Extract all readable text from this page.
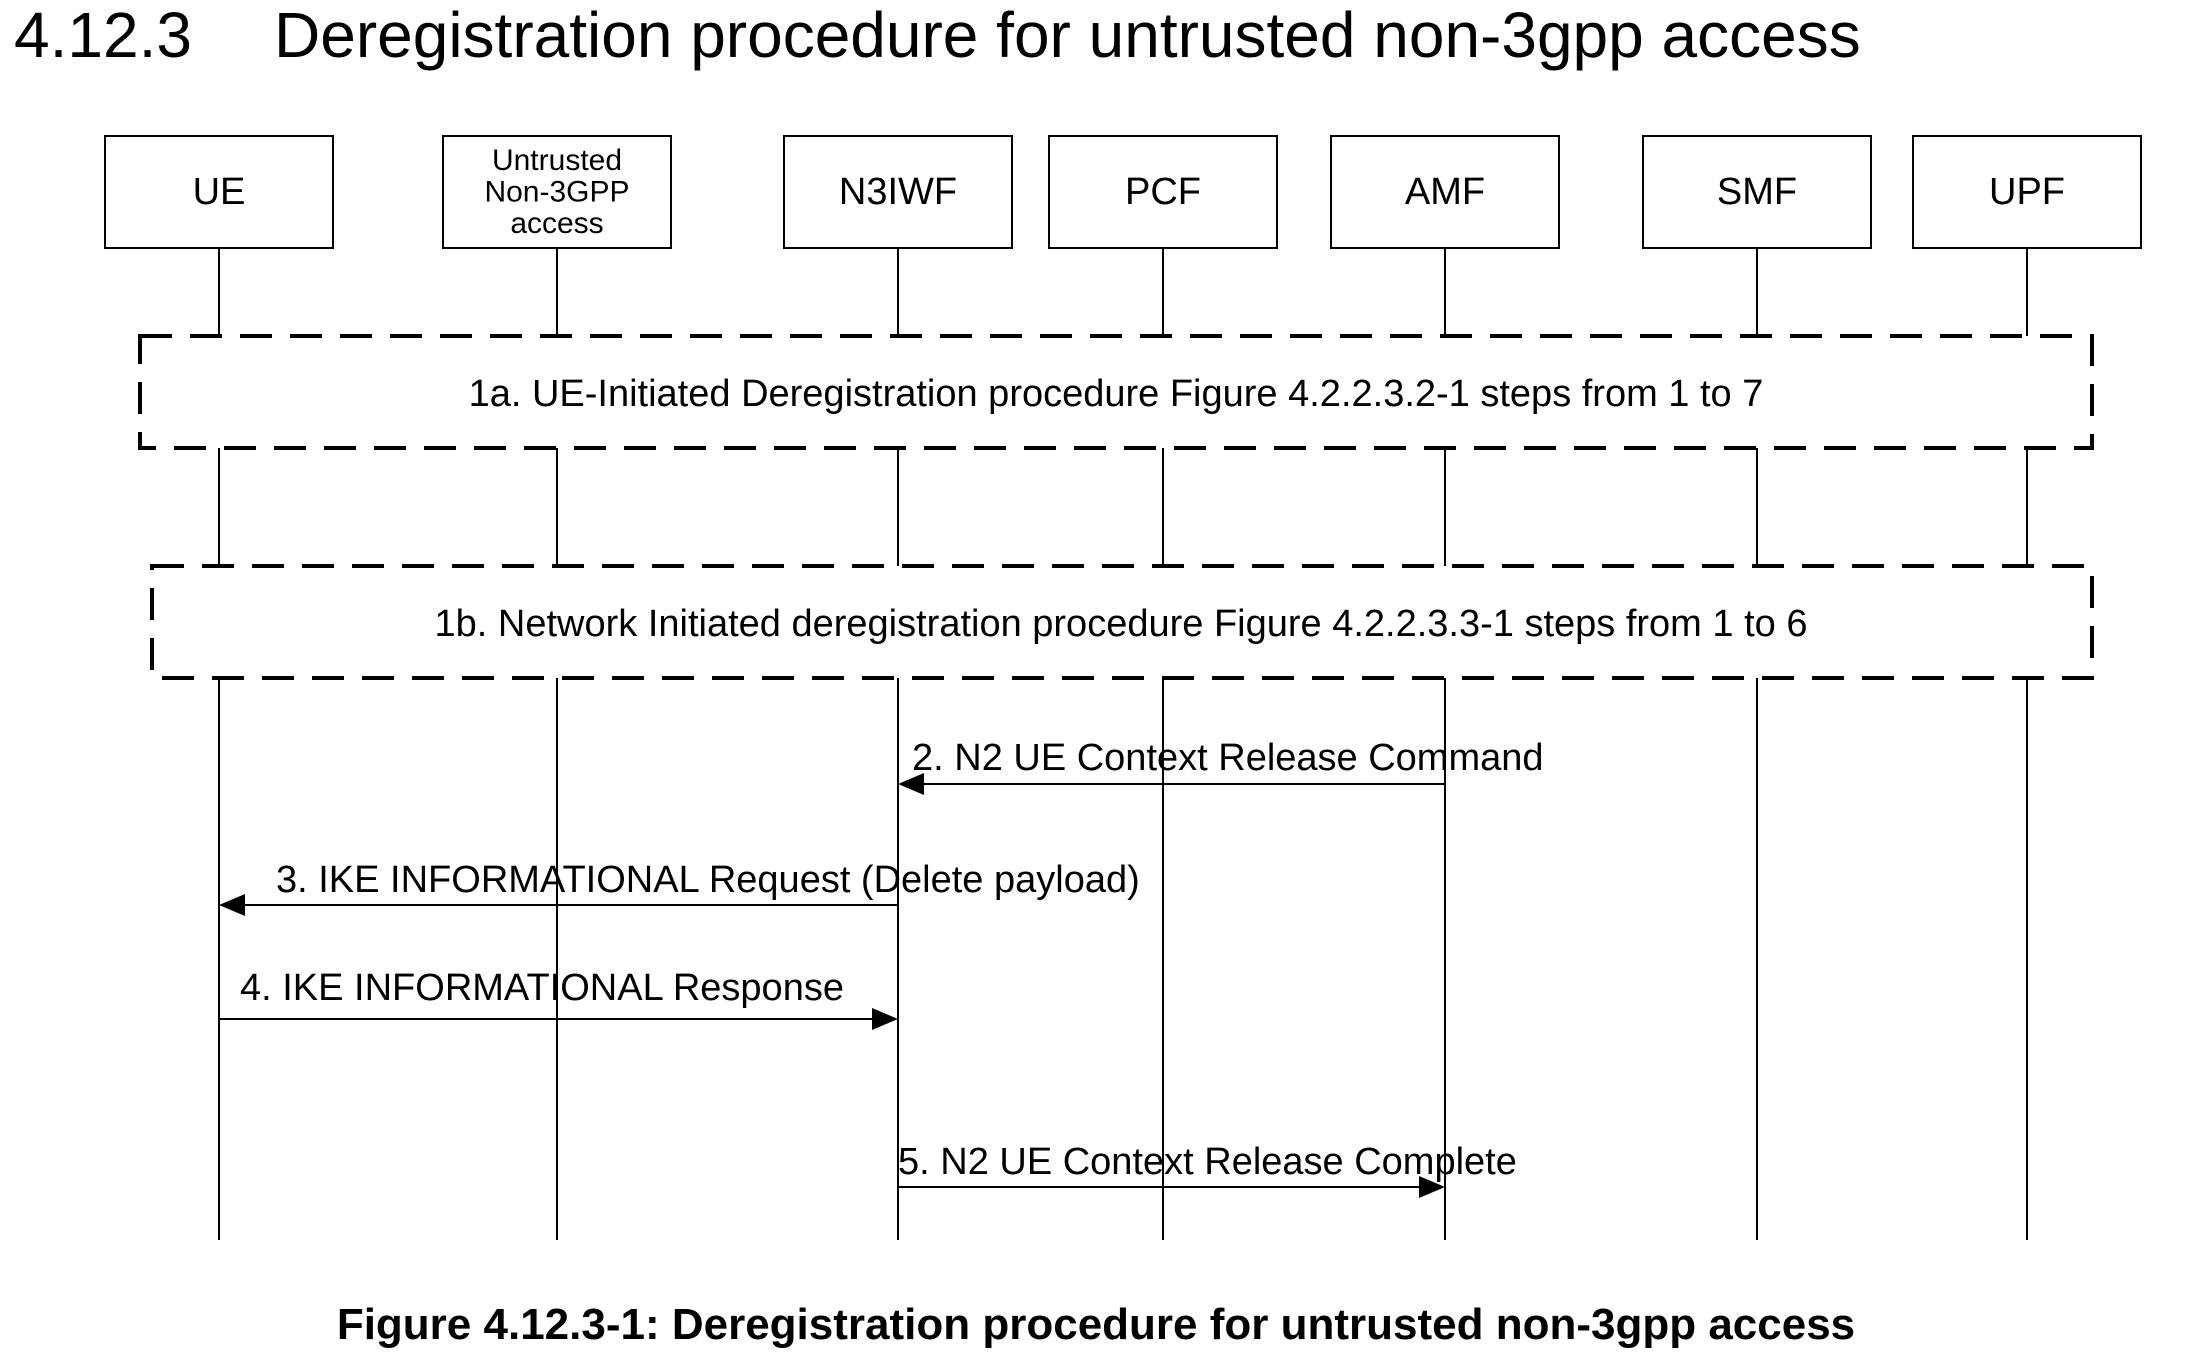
4.12.3 Deregistration procedure for untrusted non-3gpp access
UE
Untrusted
Non-3GPP
access
N3IWF	PCF	AMF	SMF	UPF
1a. UE-Initiated Deregistration procedure Figure 4.2.2.3.2-1 steps from 1 to 7
1b. Network Initiated deregistration procedure Figure 4.2.2.3.3-1 steps from 1 to 6
2. N2 UE Context Release Command
3. IKE INFORMATIONAL Request (Delete payload)
4. IKE INFORMATIONAL Response
5. N2 UE Context Release Complete
Figure 4.12.3-1: Deregistration procedure for untrusted non-3gpp access
